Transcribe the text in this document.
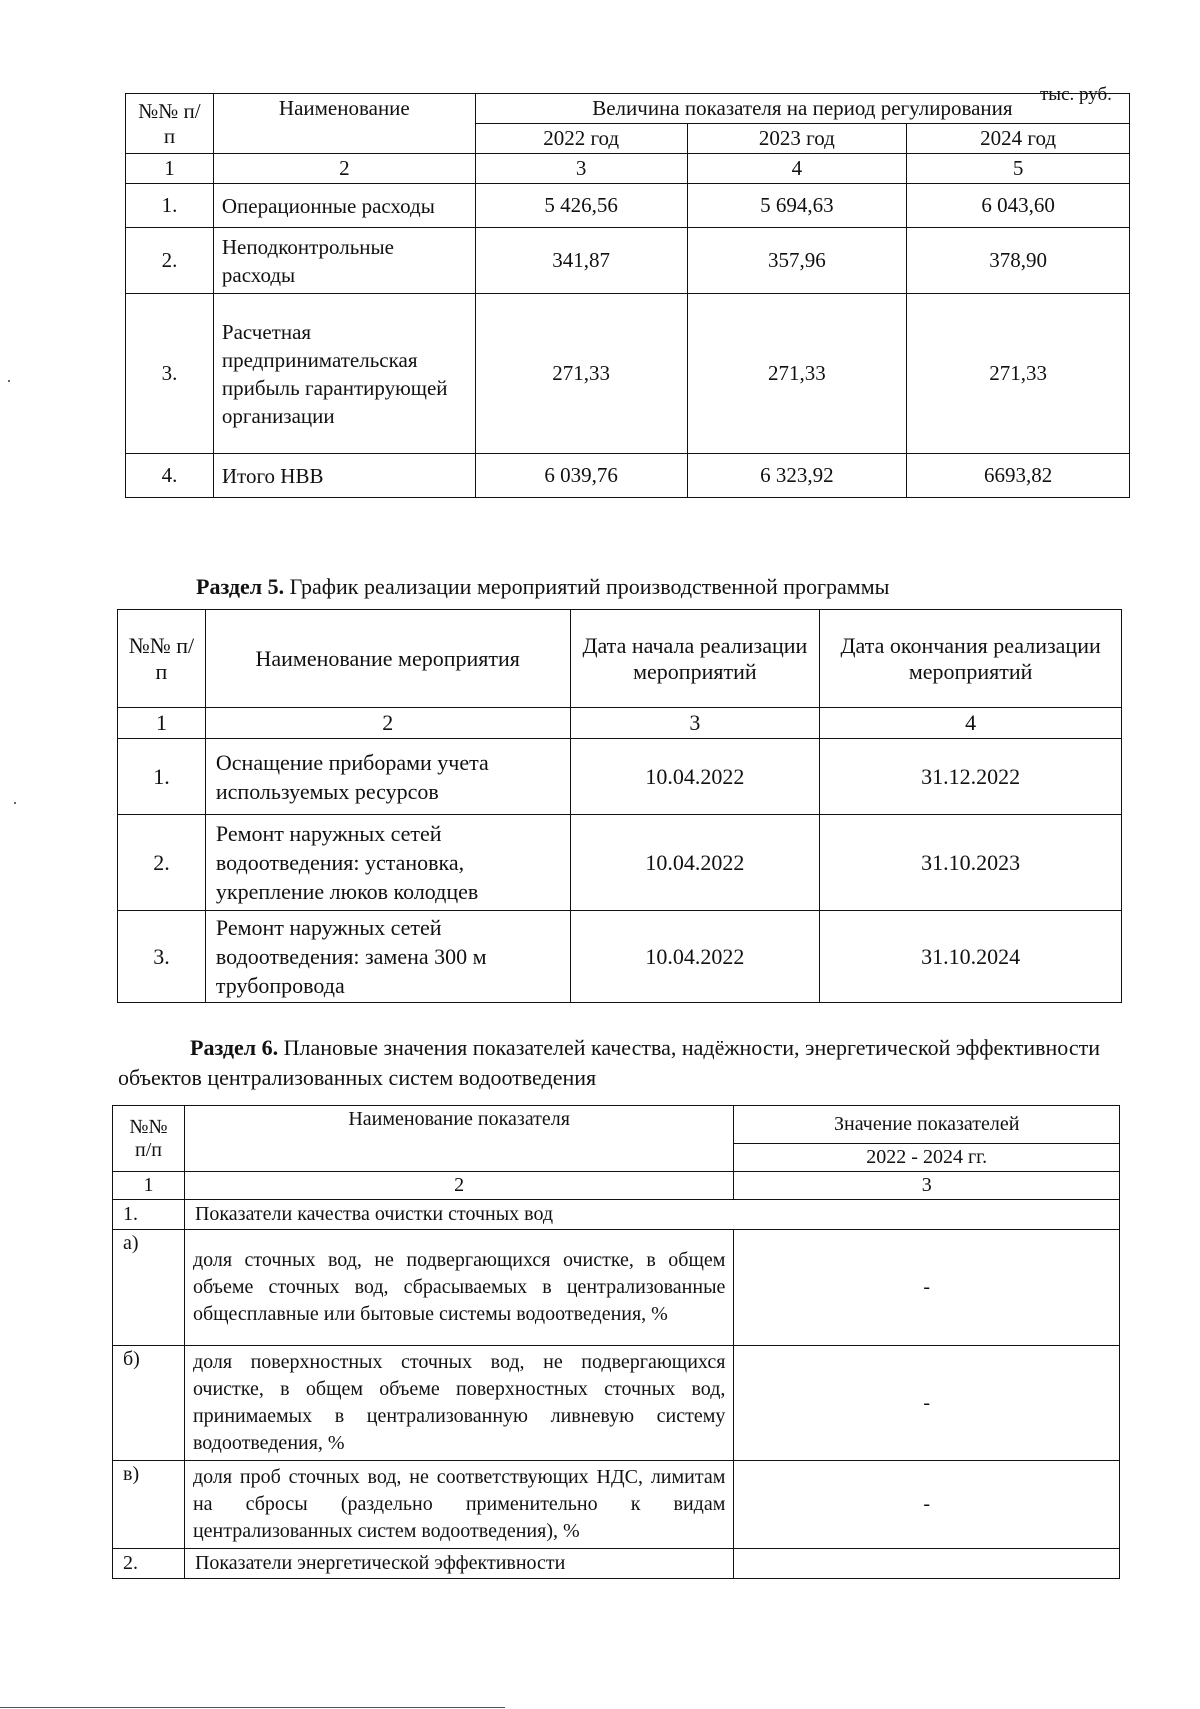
тыс. руб.
№№ п/п	Наименование	Величина показателя на период регулирования		
		2022 год	2023 год	2024 год
1	2	3	4	5
1.	Операционные расходы	5 426,56	5 694,63	6 043,60
2.	Неподконтрольные расходы	341,87	357,96	378,90
3.	Расчетная предпринимательская прибыль гарантирующей организации	271,33	271,33	271,33
4.	Итого НВВ	6 039,76	6 323,92	6693,82
Раздел 5. График реализации мероприятий производственной программы
№№ п/п	Наименование мероприятия	Дата начала реализации мероприятий	Дата окончания реализации мероприятий
1	2	3	4
1.	Оснащение приборами учета используемых ресурсов	10.04.2022	31.12.2022
2.	Ремонт наружных сетей водоотведения: установка, укрепление люков колодцев	10.04.2022	31.10.2023
3.	Ремонт наружных сетей водоотведения: замена 300 м трубопровода	10.04.2022	31.10.2024
Раздел 6. Плановые значения показателей качества, надёжности, энергетической эффективности
объектов централизованных систем водоотведения
№№ п/п	Наименование показателя	Значение показателей
		2022 - 2024 гг.
1	2	3
1.	Показатели качества очистки сточных вод	
а)	доля сточных вод, не подвергающихся очистке, в общем объеме сточных вод, сбрасываемых в централизованные общесплавные или бытовые системы водоотведения, %	-
б)	доля поверхностных сточных вод, не подвергающихся очистке, в общем объеме поверхностных сточных вод, принимаемых в централизованную ливневую систему водоотведения, %	-
в)	доля проб сточных вод, не соответствующих НДС, лимитам на сбросы (раздельно применительно к видам централизованных систем водоотведения), %	-
2.	Показатели энергетической эффективности	
